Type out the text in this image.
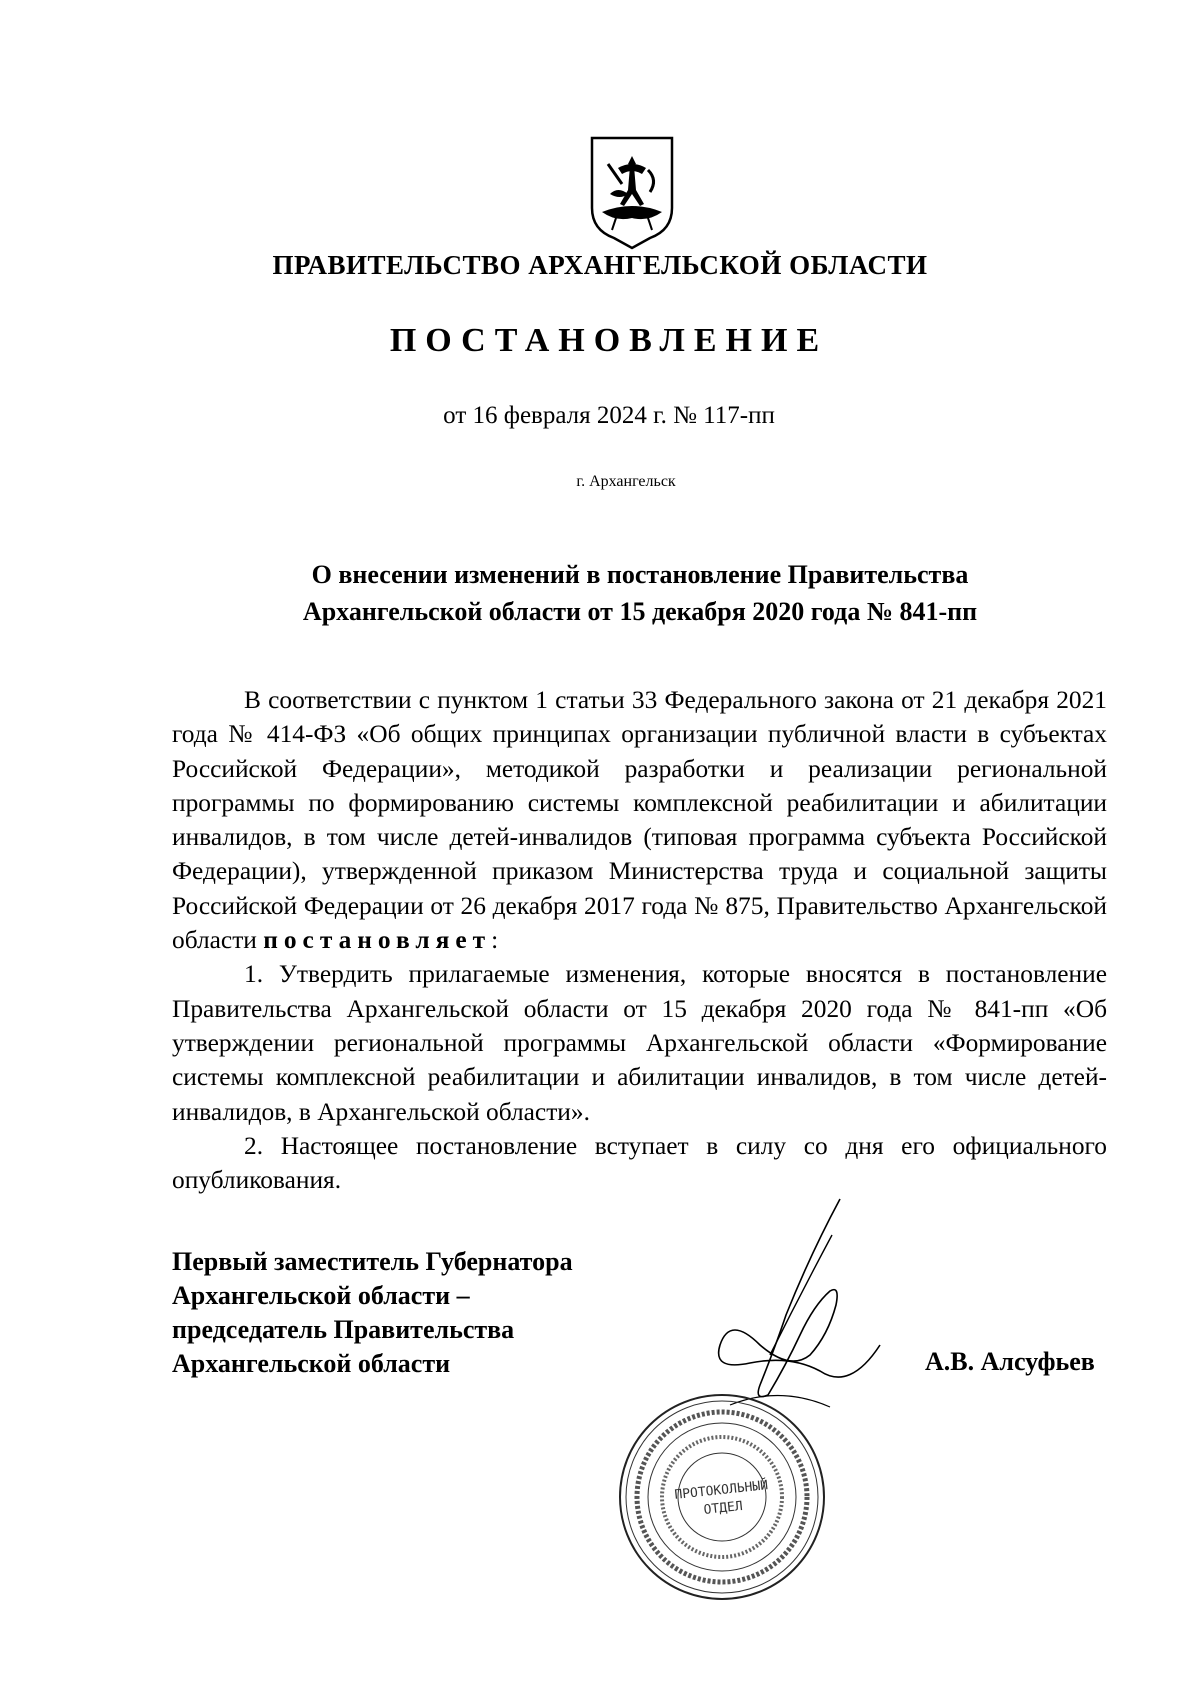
ПРАВИТЕЛЬСТВО АРХАНГЕЛЬСКОЙ ОБЛАСТИ
ПОСТАНОВЛЕНИЕ
от 16 февраля 2024 г. № 117-пп
г. Архангельск
О внесении изменений в постановление Правительства
Архангельской области от 15 декабря 2020 года № 841-пп

В соответствии с пунктом 1 статьи 33 Федерального закона от 21 декабря 2021 года № 414-ФЗ «Об общих принципах организации публичной власти в субъектах Российской Федерации», методикой разработки и реализации региональной программы по формированию системы комплексной реабилитации и абилитации инвалидов, в том числе детей-инвалидов (типовая программа субъекта Российской Федерации), утвержденной приказом Министерства труда и социальной защиты Российской Федерации от 26 декабря 2017 года № 875, Правительство Архангельской области постановляет:

1. Утвердить прилагаемые изменения, которые вносятся в постановление Правительства Архангельской области от 15 декабря 2020 года № 841-пп «Об утверждении региональной программы Архангельской области «Формирование системы комплексной реабилитации и абилитации инвалидов, в том числе детей-инвалидов, в Архангельской области».

2. Настоящее постановление вступает в силу со дня его официального опубликования.

Первый заместитель Губернатора
Архангельской области –
председатель Правительства
Архангельской области	А.В. Алсуфьев
ПРОТОКОЛЬНЫЙ
ОТДЕЛ
